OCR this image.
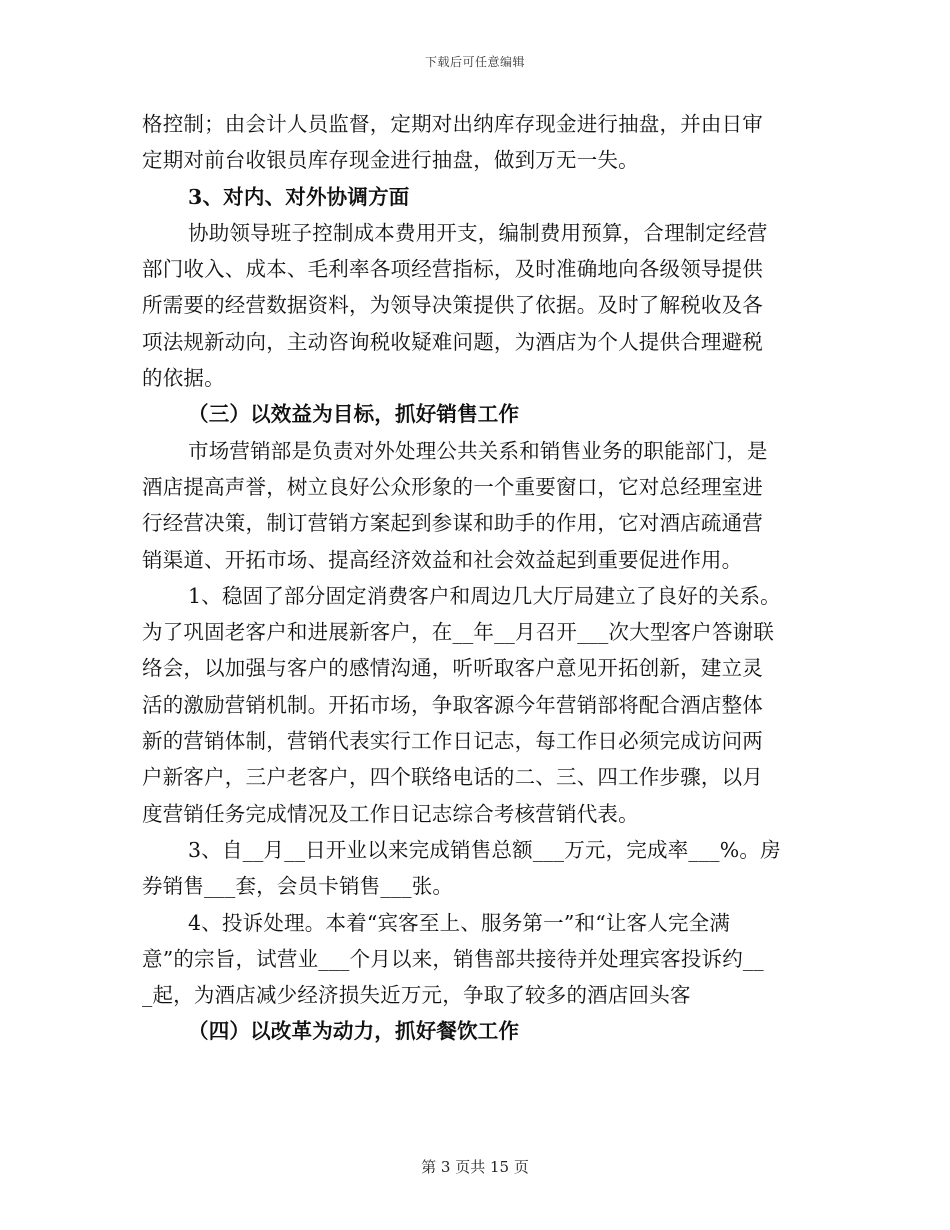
下载后可任意编辑
格控制；由会计人员监督，定期对出纳库存现金进行抽盘，并由日审
定期对前台收银员库存现金进行抽盘，做到万无一失。
3、对内、对外协调方面
协助领导班子控制成本费用开支，编制费用预算，合理制定经营
部门收入、成本、毛利率各项经营指标，及时准确地向各级领导提供
所需要的经营数据资料，为领导决策提供了依据。及时了解税收及各
项法规新动向，主动咨询税收疑难问题，为酒店为个人提供合理避税
的依据。
（三）以效益为目标，抓好销售工作
市场营销部是负责对外处理公共关系和销售业务的职能部门，是
酒店提高声誉，树立良好公众形象的一个重要窗口，它对总经理室进
行经营决策，制订营销方案起到参谋和助手的作用，它对酒店疏通营
销渠道、开拓市场、提高经济效益和社会效益起到重要促进作用。
1、稳固了部分固定消费客户和周边几大厅局建立了良好的关系。
为了巩固老客户和进展新客户，在__年__月召开___次大型客户答谢联
络会，以加强与客户的感情沟通，听听取客户意见开拓创新，建立灵
活的激励营销机制。开拓市场，争取客源今年营销部将配合酒店整体
新的营销体制，营销代表实行工作日记志，每工作日必须完成访问两
户新客户，三户老客户，四个联络电话的二、三、四工作步骤，以月
度营销任务完成情况及工作日记志综合考核营销代表。
3、自__月__日开业以来完成销售总额___万元，完成率___%。房
券销售___套，会员卡销售___张。
4、投诉处理。本着“宾客至上、服务第一”和“让客人完全满
意”的宗旨，试营业___个月以来，销售部共接待并处理宾客投诉约__
_起，为酒店减少经济损失近万元，争取了较多的酒店回头客
（四）以改革为动力，抓好餐饮工作
第 3 页共 15 页
